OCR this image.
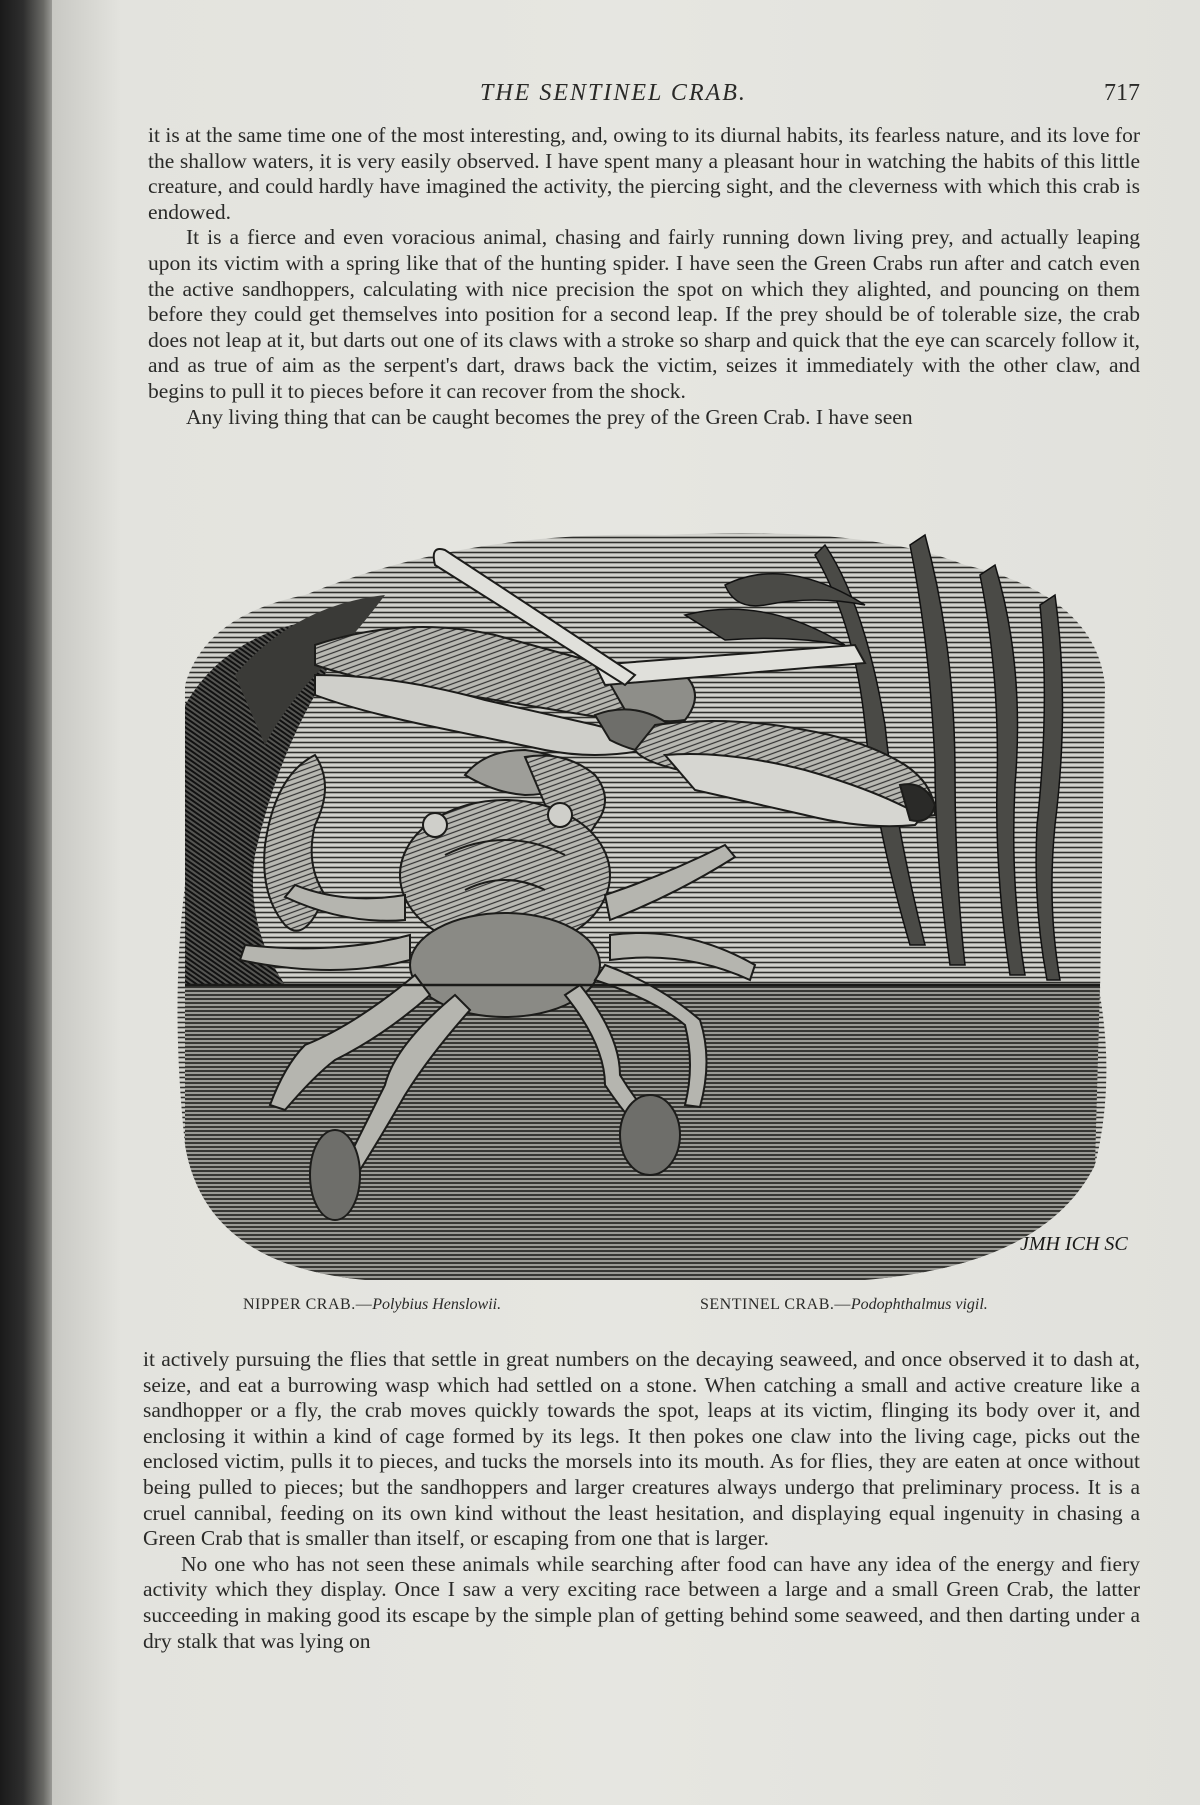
THE SENTINEL CRAB.	717

it is at the same time one of the most interesting, and, owing to its diurnal habits, its fearless nature, and its love for the shallow waters, it is very easily observed. I have spent many a pleasant hour in watching the habits of this little creature, and could hardly have imagined the activity, the piercing sight, and the cleverness with which this crab is endowed.

It is a fierce and even voracious animal, chasing and fairly running down living prey, and actually leaping upon its victim with a spring like that of the hunting spider. I have seen the Green Crabs run after and catch even the active sandhoppers, calculating with nice precision the spot on which they alighted, and pouncing on them before they could get themselves into position for a second leap. If the prey should be of tolerable size, the crab does not leap at it, but darts out one of its claws with a stroke so sharp and quick that the eye can scarcely follow it, and as true of aim as the serpent's dart, draws back the victim, seizes it immediately with the other claw, and begins to pull it to pieces before it can recover from the shock.

Any living thing that can be caught becomes the prey of the Green Crab. I have seen

JMH ICH SC
NIPPER CRAB.—Polybius Henslowii.	SENTINEL CRAB.—Podophthalmus vigil.

it actively pursuing the flies that settle in great numbers on the decaying seaweed, and once observed it to dash at, seize, and eat a burrowing wasp which had settled on a stone. When catching a small and active creature like a sandhopper or a fly, the crab moves quickly towards the spot, leaps at its victim, flinging its body over it, and enclosing it within a kind of cage formed by its legs. It then pokes one claw into the living cage, picks out the enclosed victim, pulls it to pieces, and tucks the morsels into its mouth. As for flies, they are eaten at once without being pulled to pieces; but the sandhoppers and larger creatures always undergo that preliminary process. It is a cruel cannibal, feeding on its own kind without the least hesitation, and displaying equal ingenuity in chasing a Green Crab that is smaller than itself, or escaping from one that is larger.

No one who has not seen these animals while searching after food can have any idea of the energy and fiery activity which they display. Once I saw a very exciting race between a large and a small Green Crab, the latter succeeding in making good its escape by the simple plan of getting behind some seaweed, and then darting under a dry stalk that was lying on
